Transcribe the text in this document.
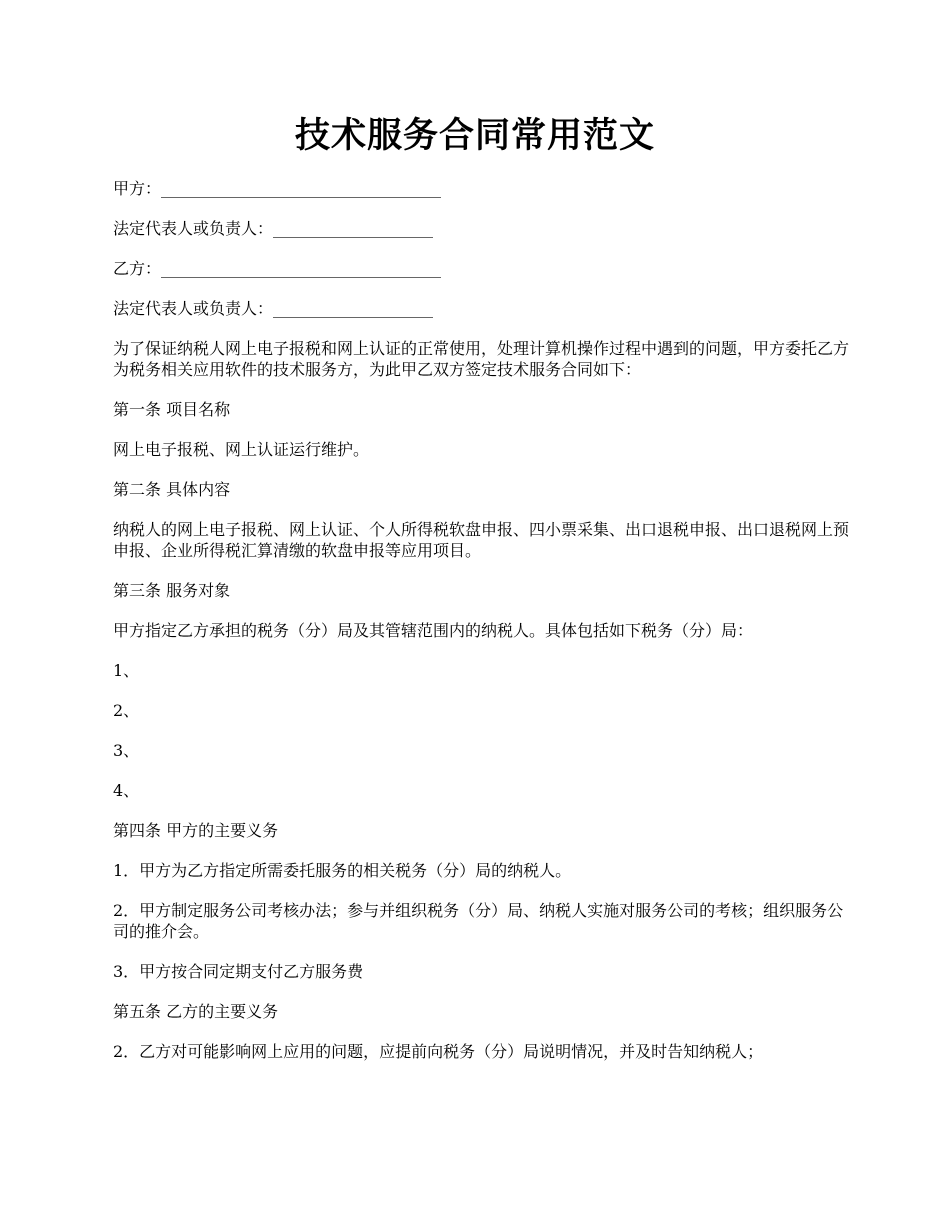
技术服务合同常用范文

甲方：___________________________________

法定代表人或负责人：____________________

乙方：___________________________________

法定代表人或负责人：____________________

为了保证纳税人网上电子报税和网上认证的正常使用，处理计算机操作过程中遇到的问题，甲方委托乙方为税务相关应用软件的技术服务方，为此甲乙双方签定技术服务合同如下：

第一条 项目名称

网上电子报税、网上认证运行维护。

第二条 具体内容

纳税人的网上电子报税、网上认证、个人所得税软盘申报、四小票采集、出口退税申报、出口退税网上预申报、企业所得税汇算清缴的软盘申报等应用项目。

第三条 服务对象

甲方指定乙方承担的税务（分）局及其管辖范围内的纳税人。具体包括如下税务（分）局：

1、

2、

3、

4、

第四条 甲方的主要义务

1．甲方为乙方指定所需委托服务的相关税务（分）局的纳税人。

2．甲方制定服务公司考核办法；参与并组织税务（分）局、纳税人实施对服务公司的考核；组织服务公司的推介会。

3．甲方按合同定期支付乙方服务费

第五条 乙方的主要义务

2．乙方对可能影响网上应用的问题，应提前向税务（分）局说明情况，并及时告知纳税人；
